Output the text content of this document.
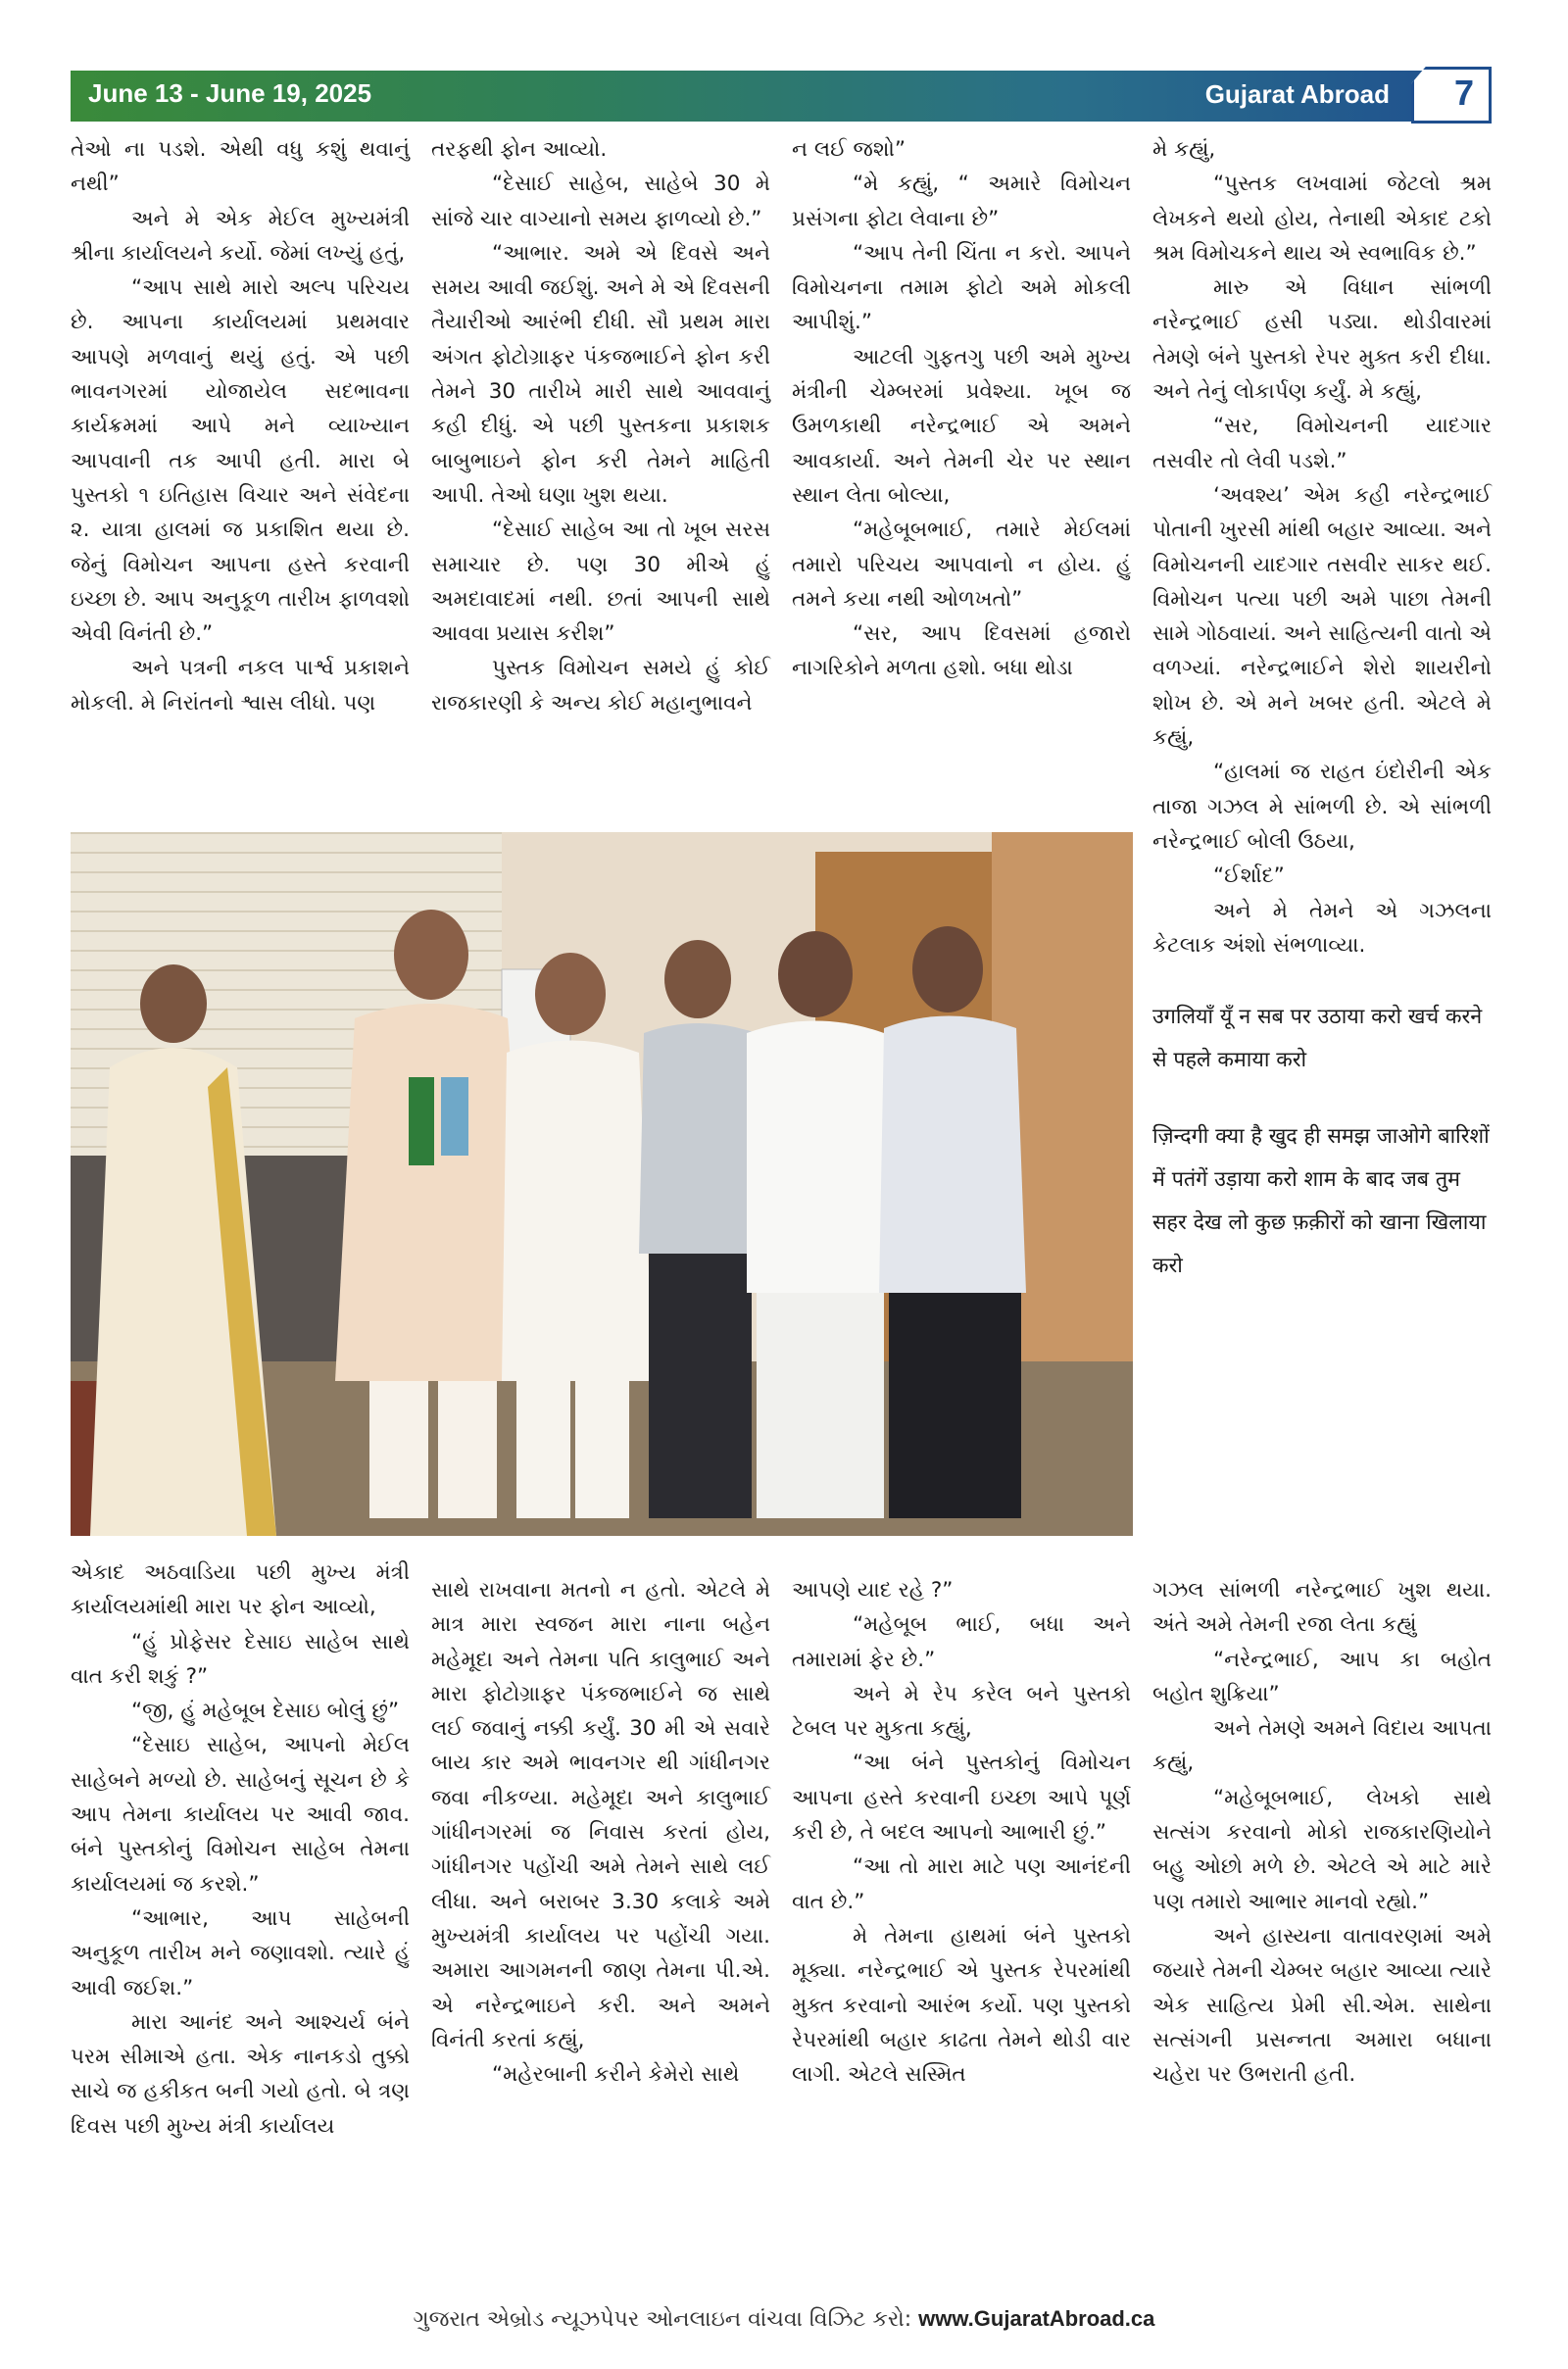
June 13 - June 19, 2025	Gujarat Abroad 7

તેઓ ના પડશે. એથી વધુ કશું થવાનું નથી”

અને મે એક મેઈલ મુખ્યમંત્રી શ્રીના કાર્યાલયને કર્યો. જેમાં લખ્યું હતું,

“આપ સાથે મારો અલ્પ પરિચય છે. આપના કાર્યાલયમાં પ્રથમવાર આપણે મળવાનું થયું હતું. એ પછી ભાવનગરમાં યોજાયેલ સદભાવના કાર્યક્રમમાં આપે મને વ્યાખ્યાન આપવાની તક આપી હતી. મારા બે પુસ્તકો ૧ ઇતિહાસ વિચાર અને સંવેદના ૨. યાત્રા હાલમાં જ પ્રકાશિત થયા છે. જેનું વિમોચન આપના હસ્તે કરવાની ઇચ્છા છે. આપ અનુકૂળ તારીખ ફાળવશો એવી વિનંતી છે.”

અને પત્રની નકલ પાર્શ્વ પ્રકાશને મોકલી. મે નિરાંતનો શ્વાસ લીધો. પણ

તરફથી ફોન આવ્યો.

“દેસાઈ સાહેબ, સાહેબે 30 મે સાંજે ચાર વાગ્યાનો સમય ફાળવ્યો છે.”

“આભાર. અમે એ દિવસે અને સમય આવી જઈશું. અને મે એ દિવસની તૈયારીઓ આરંભી દીધી. સૌ પ્રથમ મારા અંગત ફોટોગ્રાફર પંકજભાઈને ફોન કરી તેમને 30 તારીખે મારી સાથે આવવાનું કહી દીધું. એ પછી પુસ્તકના પ્રકાશક બાબુભાઇને ફોન કરી તેમને માહિતી આપી. તેઓ ઘણા ખુશ થયા.

“દેસાઈ સાહેબ આ તો ખૂબ સરસ સમાચાર છે. પણ 30 મીએ હું અમદાવાદમાં નથી. છતાં આપની સાથે આવવા પ્રયાસ કરીશ”

પુસ્તક વિમોચન સમયે હું કોઈ રાજકારણી કે અન્ય કોઈ મહાનુભાવને

ન લઈ જશો”

“મે કહ્યું, “ અમારે વિમોચન પ્રસંગના ફોટા લેવાના છે”

“આપ તેની ચિંતા ન કરો. આપને વિમોચનના તમામ ફોટો અમે મોકલી આપીશું.”

આટલી ગુફતગુ પછી અમે મુખ્ય મંત્રીની ચેમ્બરમાં પ્રવેશ્યા. ખૂબ જ ઉમળકાથી નરેન્દ્રભાઈ એ અમને આવકાર્યા. અને તેમની ચેર પર સ્થાન સ્થાન લેતા બોલ્યા,

“મહેબૂબભાઈ, તમારે મેઈલમાં તમારો પરિચય આપવાનો ન હોય. હું તમને કયા નથી ઓળખતો”

“સર, આપ દિવસમાં હજારો નાગરિકોને મળતા હશો. બધા થોડા

મે કહ્યું,

“પુસ્તક લખવામાં જેટલો શ્રમ લેખકને થયો હોય, તેનાથી એકાદ ટકો શ્રમ વિમોચકને થાય એ સ્વભાવિક છે.”

મારુ એ વિધાન સાંભળી નરેન્દ્રભાઈ હસી પડ્યા. થોડીવારમાં તેમણે બંને પુસ્તકો રેપર મુક્ત કરી દીધા. અને તેનું લોકાર્પણ કર્યું. મે કહ્યું,

“સર, વિમોચનની યાદગાર તસવીર તો લેવી પડશે.”

‘અવશ્ય’ એમ કહી નરેન્દ્રભાઈ પોતાની ખુરસી માંથી બહાર આવ્યા. અને વિમોચનની યાદગાર તસવીર સાકર થઈ. વિમોચન પત્યા પછી અમે પાછા તેમની સામે ગોઠવાયાં. અને સાહિત્યની વાતો એ વળગ્યાં. નરેન્દ્રભાઈને શેરો શાયરીનો શોખ છે. એ મને ખબર હતી. એટલે મે કહ્યું,

“હાલમાં જ રાહત ઇંદોરીની એક તાજા ગઝલ મે સાંભળી છે. એ સાંભળી નરેન્દ્રભાઈ બોલી ઉઠયા,

“ઈર્શાદ”

અને મે તેમને એ ગઝલના કેટલાક અંશો સંભળાવ્યા.

उगलियाँ यूँ न सब पर उठाया करो खर्च करने से पहले कमाया करो

ज़िन्दगी क्या है खुद ही समझ जाओगे बारिशों में पतंगें उड़ाया करो शाम के बाद जब तुम सहर देख लो कुछ फ़क़ीरों को खाना खिलाया करो

એકાદ અઠવાડિયા પછી મુખ્ય મંત્રી કાર્યાલયમાંથી મારા પર ફોન આવ્યો,

“હું પ્રોફેસર દેસાઇ સાહેબ સાથે વાત કરી શકું ?”

“જી, હું મહેબૂબ દેસાઇ બોલું છું”

“દેસાઇ સાહેબ, આપનો મેઈલ સાહેબને મળ્યો છે. સાહેબનું સૂચન છે કે આપ તેમના કાર્યાલય પર આવી જાવ. બંને પુસ્તકોનું વિમોચન સાહેબ તેમના કાર્યાલયમાં જ કરશે.”

“આભાર, આપ સાહેબની અનુકૂળ તારીખ મને જણાવશો. ત્યારે હું આવી જઈશ.”

મારા આનંદ અને આશ્ચર્ય બંને પરમ સીમાએ હતા. એક નાનકડો તુક્કો સાચે જ હકીકત બની ગયો હતો. બે ત્રણ દિવસ પછી મુખ્ય મંત્રી કાર્યાલય

સાથે રાખવાના મતનો ન હતો. એટલે મે માત્ર મારા સ્વજન મારા નાના બહેન મહેમૂદા અને તેમના પતિ કાલુભાઈ અને મારા ફોટોગ્રાફર પંકજભાઈને જ સાથે લઈ જવાનું નક્કી કર્યું. 30 મી એ સવારે બાય કાર અમે ભાવનગર થી ગાંધીનગર જવા નીકળ્યા. મહેમૂદા અને કાલુભાઈ ગાંધીનગરમાં જ નિવાસ કરતાં હોય, ગાંધીનગર પહોંચી અમે તેમને સાથે લઈ લીધા. અને બરાબર 3.30 કલાકે અમે મુખ્યમંત્રી કાર્યાલય પર પહોંચી ગયા. અમારા આગમનની જાણ તેમના પી.એ. એ નરેન્દ્રભાઇને કરી. અને અમને વિનંતી કરતાં કહ્યું,

“મહેરબાની કરીને કેમેરો સાથે

આપણે યાદ રહે ?”

“મહેબૂબ ભાઈ, બધા અને તમારામાં ફેર છે.”

અને મે રેપ કરેલ બને પુસ્તકો ટેબલ પર મુકતા કહ્યું,

“આ બંને પુસ્તકોનું વિમોચન આપના હસ્તે કરવાની ઇચ્છા આપે પૂર્ણ કરી છે, તે બદલ આપનો આભારી છું.”

“આ તો મારા માટે પણ આનંદની વાત છે.”

મે તેમના હાથમાં બંને પુસ્તકો મૂક્યા. નરેન્દ્રભાઈ એ પુસ્તક રેપરમાંથી મુક્ત કરવાનો આરંભ કર્યો. પણ પુસ્તકો રેપરમાંથી બહાર કાઢતા તેમને થોડી વાર લાગી. એટલે સસ્મિત

ગઝલ સાંભળી નરેન્દ્રભાઈ ખુશ થયા. અંતે અમે તેમની રજા લેતા કહ્યું

“નરેન્દ્રભાઈ, આપ કા બહોત બહોત શુક્રિયા”

અને તેમણે અમને વિદાય આપતા કહ્યું,

“મહેબૂબભાઈ, લેખકો સાથે સત્સંગ કરવાનો મોકો રાજકારણિયોને બહુ ઓછો મળે છે. એટલે એ માટે મારે પણ તમારો આભાર માનવો રહ્યો.”

અને હાસ્યના વાતાવરણમાં અમે જયારે તેમની ચેમ્બર બહાર આવ્યા ત્યારે એક સાહિત્ય પ્રેમી સી.એમ. સાથેના સત્સંગની પ્રસન્નતા અમારા બધાના ચહેરા પર ઉભરાતી હતી.

ગુજરાત એબ્રોડ ન્યૂઝપેપર ઓનલાઇન વાંચવા વિઝિટ કરો: www.GujaratAbroad.ca
